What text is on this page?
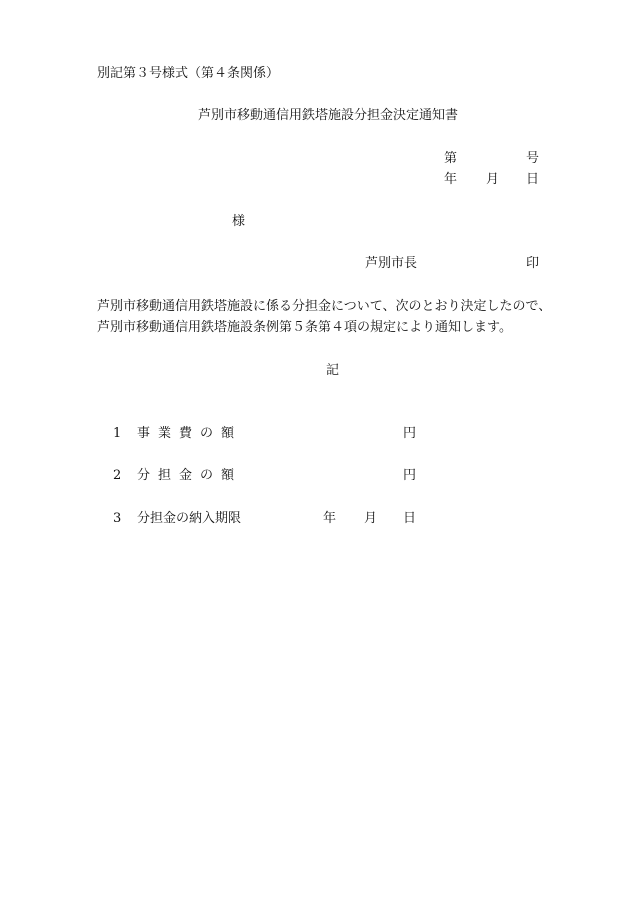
別記第３号様式（第４条関係）
芦別市移動通信用鉄塔施設分担金決定通知書
第	号
年 月 日
様
芦別市長	印
芦別市移動通信用鉄塔施設に係る分担金について、次のとおり決定したので、
芦別市移動通信用鉄塔施設条例第５条第４項の規定により通知します。
記
1 事業費の額	円
2 分担金の額	円
3 分担金の納入期限	年 月 日
